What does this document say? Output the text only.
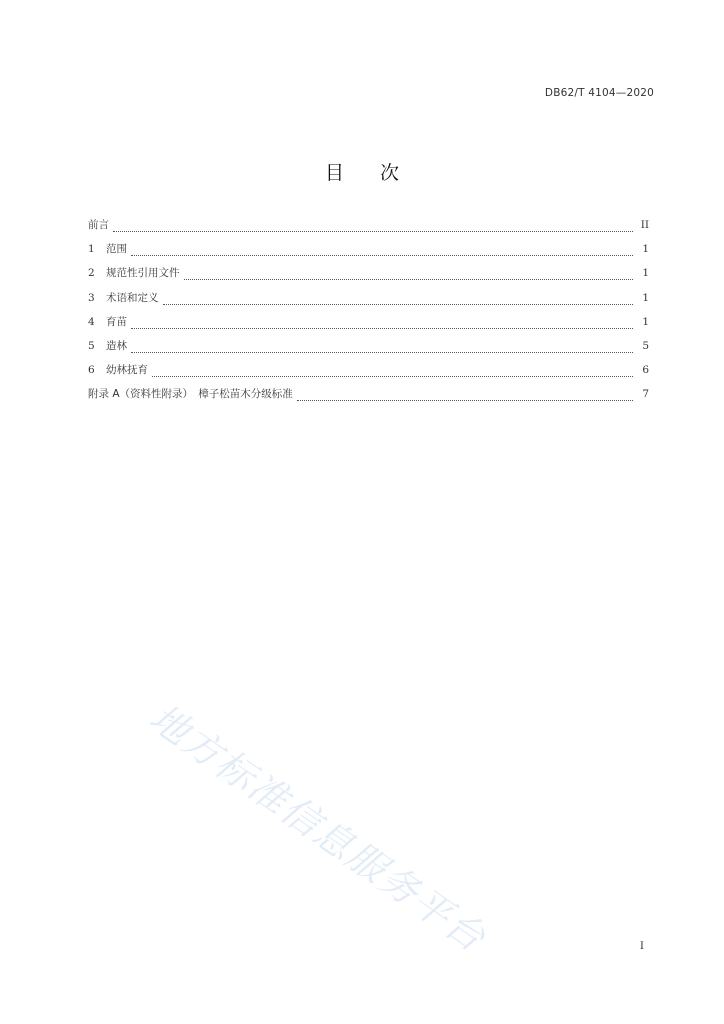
DB62/T 4104—2020
目次
前言	II
1	范围	1
2	规范性引用文件	1
3	术语和定义	1
4	育苗	1
5	造林	5
6	幼林抚育	6
附录 A（资料性附录）　樟子松苗木分级标准	7
地方标准信息服务平台	I
